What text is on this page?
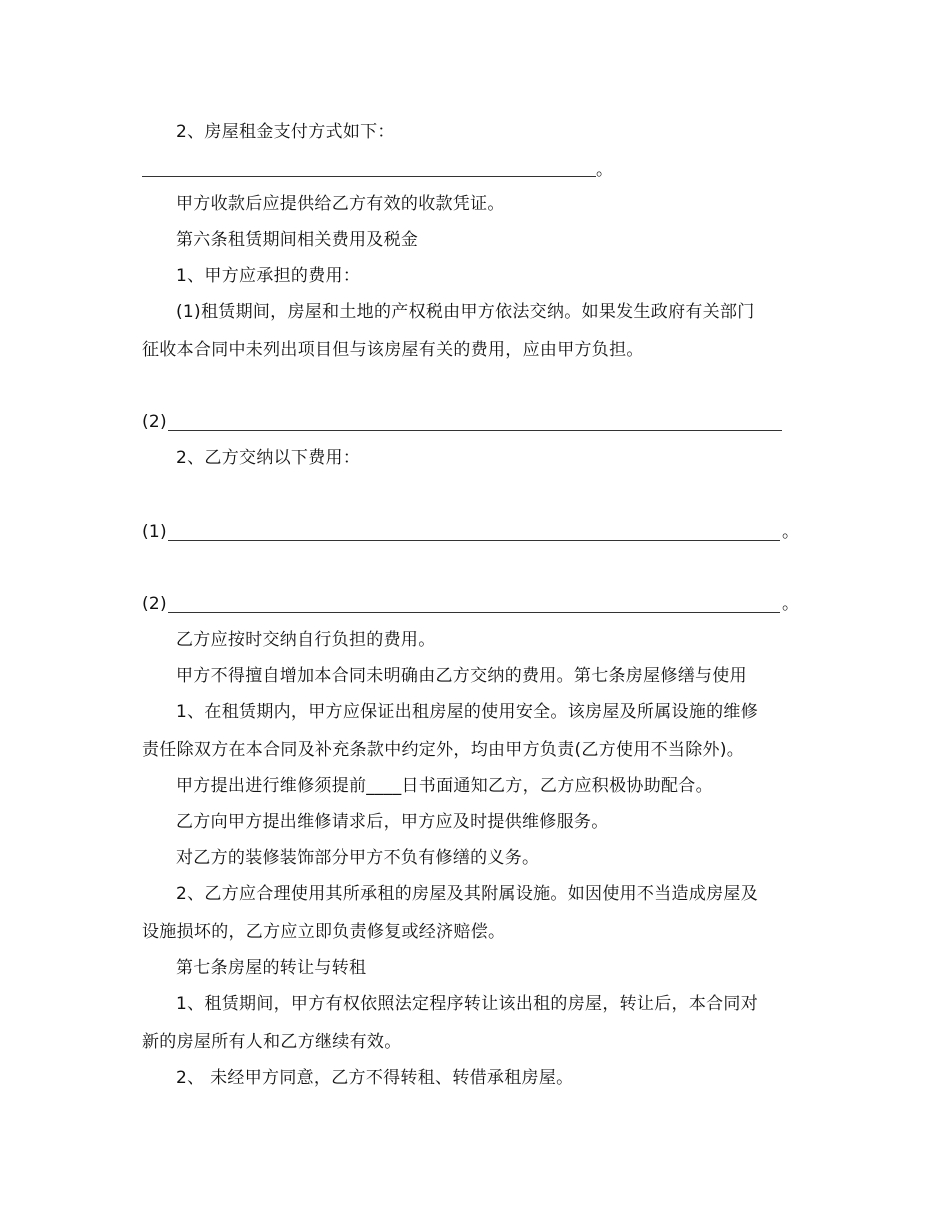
2、房屋租金支付方式如下：
。
甲方收款后应提供给乙方有效的收款凭证。
第六条租赁期间相关费用及税金
1、甲方应承担的费用：
(1)租赁期间，房屋和土地的产权税由甲方依法交纳。如果发生政府有关部门
征收本合同中未列出项目但与该房屋有关的费用，应由甲方负担。
(2)
2、乙方交纳以下费用：
(1)	。
(2)	。
乙方应按时交纳自行负担的费用。
甲方不得擅自增加本合同未明确由乙方交纳的费用。第七条房屋修缮与使用
1、在租赁期内，甲方应保证出租房屋的使用安全。该房屋及所属设施的维修
责任除双方在本合同及补充条款中约定外，均由甲方负责(乙方使用不当除外)。
甲方提出进行维修须提前____日书面通知乙方，乙方应积极协助配合。
乙方向甲方提出维修请求后，甲方应及时提供维修服务。
对乙方的装修装饰部分甲方不负有修缮的义务。
2、乙方应合理使用其所承租的房屋及其附属设施。如因使用不当造成房屋及
设施损坏的，乙方应立即负责修复或经济赔偿。
第七条房屋的转让与转租
1、租赁期间，甲方有权依照法定程序转让该出租的房屋，转让后，本合同对
新的房屋所有人和乙方继续有效。
2、 未经甲方同意，乙方不得转租、转借承租房屋。
